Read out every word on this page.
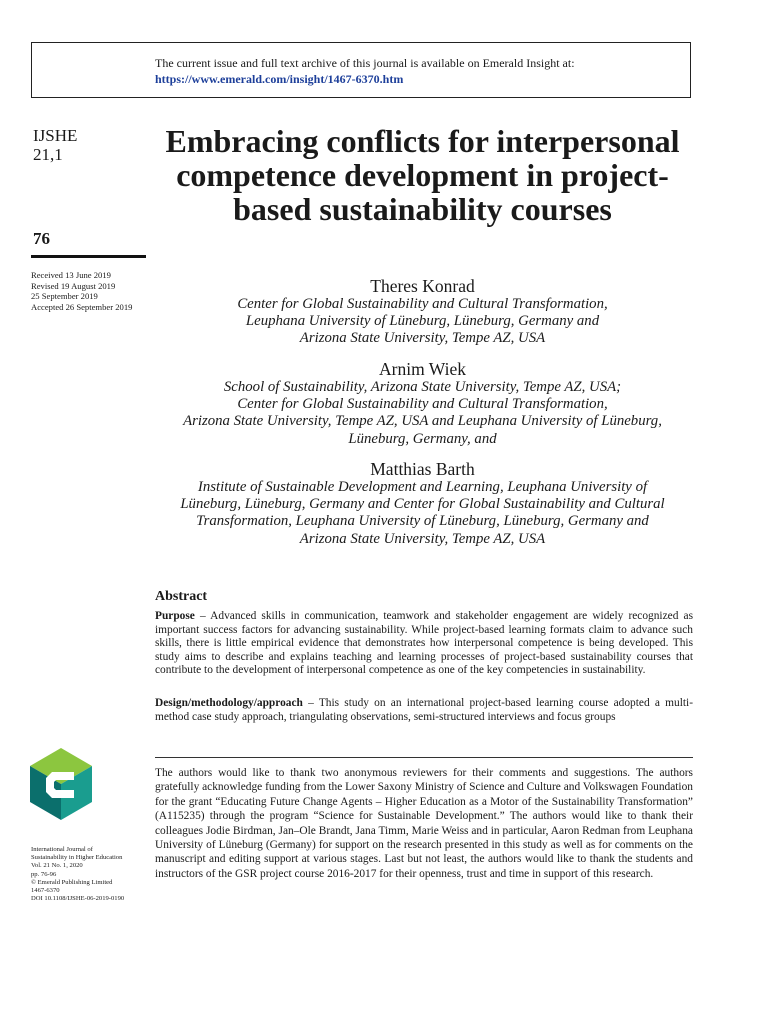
The current issue and full text archive of this journal is available on Emerald Insight at:
https://www.emerald.com/insight/1467-6370.htm
IJSHE
21,1
76
Received 13 June 2019
Revised 19 August 2019
25 September 2019
Accepted 26 September 2019
Embracing conflicts for interpersonal competence development in project-based sustainability courses
Theres Konrad
Center for Global Sustainability and Cultural Transformation,
Leuphana University of Lüneburg, Lüneburg, Germany and
Arizona State University, Tempe AZ, USA
Arnim Wiek
School of Sustainability, Arizona State University, Tempe AZ, USA;
Center for Global Sustainability and Cultural Transformation,
Arizona State University, Tempe AZ, USA and Leuphana University of Lüneburg,
Lüneburg, Germany, and
Matthias Barth
Institute of Sustainable Development and Learning, Leuphana University of
Lüneburg, Lüneburg, Germany and Center for Global Sustainability and Cultural
Transformation, Leuphana University of Lüneburg, Lüneburg, Germany and
Arizona State University, Tempe AZ, USA
Abstract

Purpose – Advanced skills in communication, teamwork and stakeholder engagement are widely recognized as important success factors for advancing sustainability. While project-based learning formats claim to advance such skills, there is little empirical evidence that demonstrates how interpersonal competence is being developed. This study aims to describe and explains teaching and learning processes of project-based sustainability courses that contribute to the development of interpersonal competence as one of the key competencies in sustainability.

Design/methodology/approach – This study on an international project-based learning course adopted a multi-method case study approach, triangulating observations, semi-structured interviews and focus groups

The authors would like to thank two anonymous reviewers for their comments and suggestions. The authors gratefully acknowledge funding from the Lower Saxony Ministry of Science and Culture and Volkswagen Foundation for the grant “Educating Future Change Agents – Higher Education as a Motor of the Sustainability Transformation” (A115235) through the program “Science for Sustainable Development.” The authors would like to thank their colleagues Jodie Birdman, Jan–Ole Brandt, Jana Timm, Marie Weiss and in particular, Aaron Redman from Leuphana University of Lüneburg (Germany) for support on the research presented in this study as well as for comments on the manuscript and editing support at various stages. Last but not least, the authors would like to thank the students and instructors of the GSR project course 2016-2017 for their openness, trust and time in support of this research.

International Journal of
Sustainability in Higher Education
Vol. 21 No. 1, 2020
pp. 76-96
© Emerald Publishing Limited
1467-6370
DOI 10.1108/IJSHE-06-2019-0190
